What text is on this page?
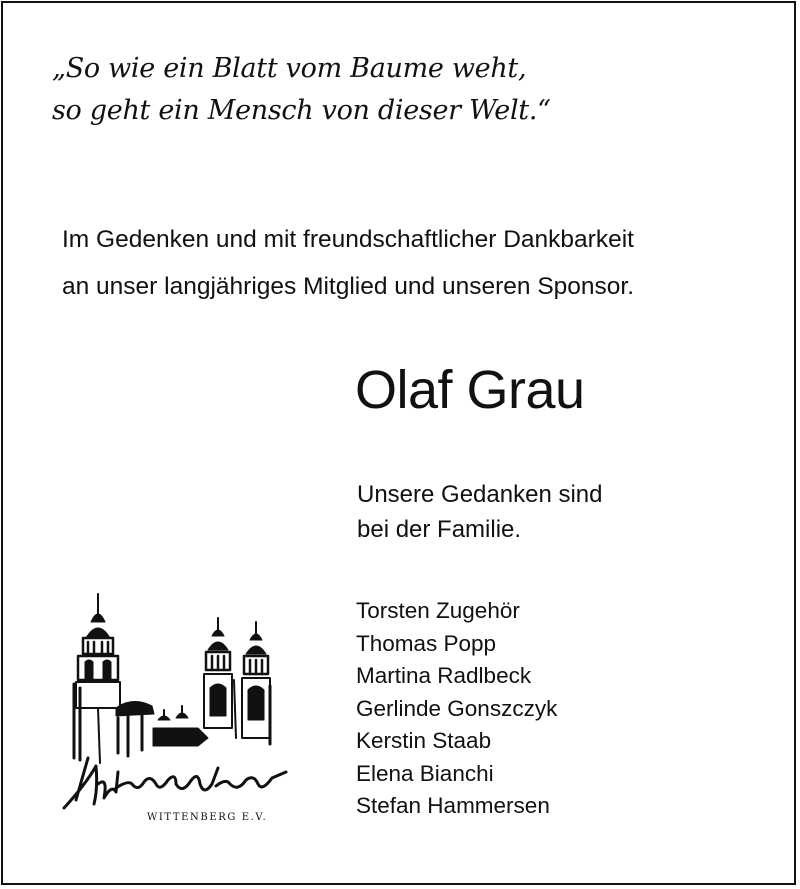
„So wie ein Blatt vom Baume weht,
so geht ein Mensch von dieser Welt.“
Im Gedenken und mit freundschaftlicher Dankbarkeit
an unser langjähriges Mitglied und unseren Sponsor.
Olaf Grau
Unsere Gedanken sind
bei der Familie.
Torsten Zugehör
Thomas Popp
Martina Radlbeck
Gerlinde Gonszczyk
Kerstin Staab
Elena Bianchi
Stefan Hammersen
Kunstverein
WITTENBERG E.V.
